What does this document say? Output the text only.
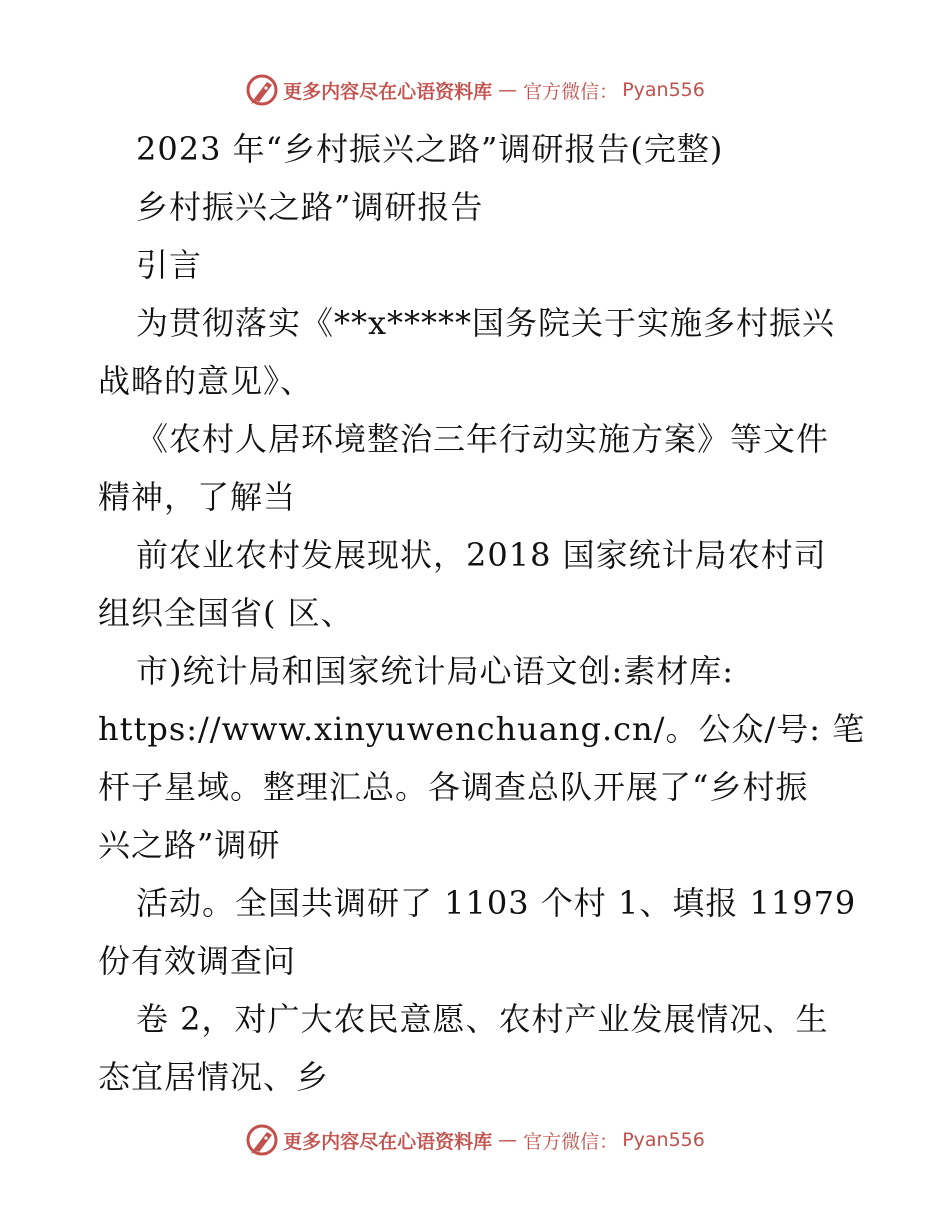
更多内容尽在心语资料库 — 官方微信： Pyan556
2023 年“乡村振兴之路”调研报告(完整)
乡村振兴之路”调研报告
引言
为贯彻落实《**x*****国务院关于实施多村振兴
战略的意见》、
《农村人居环境整治三年行动实施方案》等文件
精神，了解当
前农业农村发展现状，2018 国家统计局农村司
组织全国省( 区、
市)统计局和国家统计局心语文创:素材库:
https://www.xinyuwenchuang.cn/。公众/号: 笔
杆子星域。整理汇总。各调查总队开展了“乡村振
兴之路”调研
活动。全国共调研了 1103 个村 1、填报 11979
份有效调查问
卷 2，对广大农民意愿、农村产业发展情况、生
态宜居情况、乡
更多内容尽在心语资料库 — 官方微信： Pyan556
